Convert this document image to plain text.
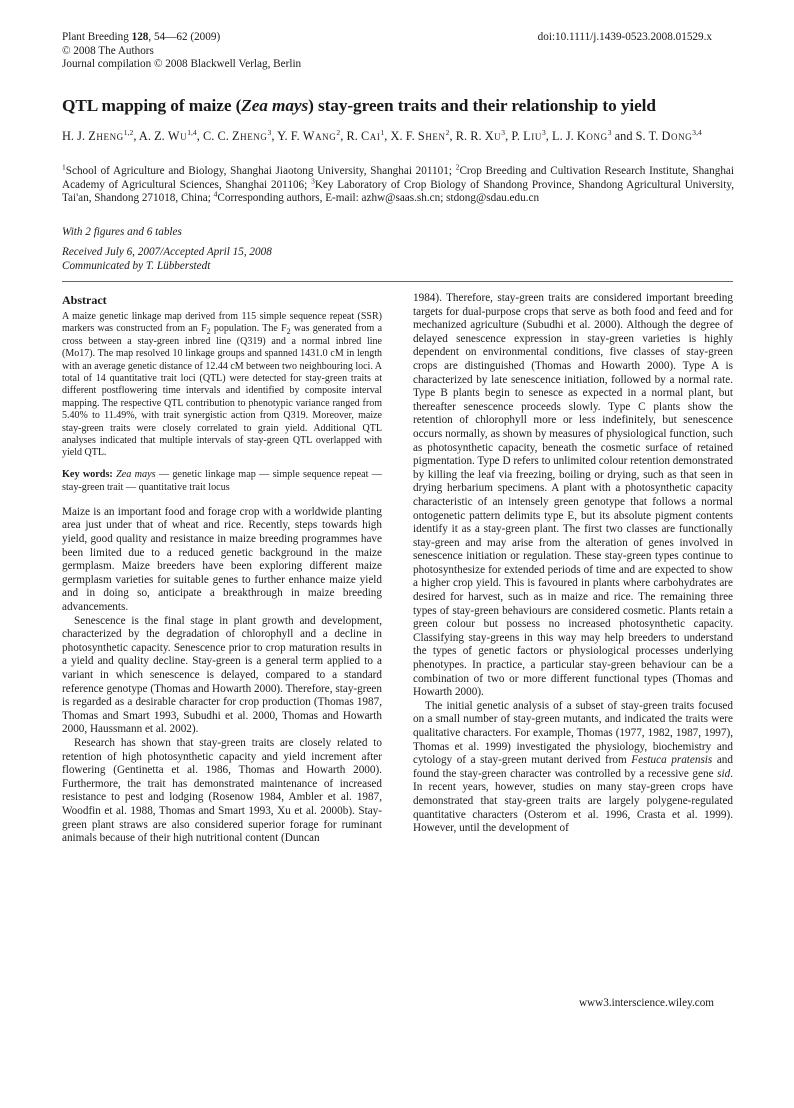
Plant Breeding 128, 54—62 (2009)
© 2008 The Authors
Journal compilation © 2008 Blackwell Verlag, Berlin
doi:10.1111/j.1439-0523.2008.01529.x
QTL mapping of maize (Zea mays) stay-green traits and their relationship to yield
H. J. Zheng$^{1,2}$, A. Z. Wu$^{1,4}$, C. C. Zheng$^3$, Y. F. Wang$^2$, R. Cai$^1$, X. F. Shen$^2$, R. R. Xu$^3$, P. Liu$^3$, L. J. Kong$^3$ and S. T. Dong$^{3,4}$
$^1$School of Agriculture and Biology, Shanghai Jiaotong University, Shanghai 201101; $^2$Crop Breeding and Cultivation Research Institute, Shanghai Academy of Agricultural Sciences, Shanghai 201106; $^3$Key Laboratory of Crop Biology of Shandong Province, Shandong Agricultural University, Tai'an, Shandong 271018, China; $^4$Corresponding authors, E-mail: azhw@saas.sh.cn; stdong@sdau.edu.cn
With 2 figures and 6 tables
Received July 6, 2007/Accepted April 15, 2008
Communicated by T. Lübberstedt
Abstract

A maize genetic linkage map derived from 115 simple sequence repeat (SSR) markers was constructed from an $F_2$ population. The $F_2$ was generated from a cross between a stay-green inbred line (Q319) and a normal inbred line (Mo17). The map resolved 10 linkage groups and spanned 1431.0 cM in length with an average genetic distance of 12.44 cM between two neighbouring loci. A total of 14 quantitative trait loci (QTL) were detected for stay-green traits at different postflowering time intervals and identified by composite interval mapping. The respective QTL contribution to phenotypic variance ranged from 5.40% to 11.49%, with trait synergistic action from Q319. Moreover, maize stay-green traits were closely correlated to grain yield. Additional QTL analyses indicated that multiple intervals of stay-green QTL overlapped with yield QTL.

Key words: Zea mays — genetic linkage map — simple sequence repeat — stay-green trait — quantitative trait locus

Maize is an important food and forage crop with a worldwide planting area just under that of wheat and rice. Recently, steps towards high yield, good quality and resistance in maize breeding programmes have been limited due to a reduced genetic background in the maize germplasm. Maize breeders have been exploring different maize germplasm varieties for suitable genes to further enhance maize yield and in doing so, anticipate a breakthrough in maize breeding advancements.

Senescence is the final stage in plant growth and development, characterized by the degradation of chlorophyll and a decline in photosynthetic capacity. Senescence prior to crop maturation results in a yield and quality decline. Stay-green is a general term applied to a variant in which senescence is delayed, compared to a standard reference genotype (Thomas and Howarth 2000). Therefore, stay-green is regarded as a desirable character for crop production (Thomas 1987, Thomas and Smart 1993, Subudhi et al. 2000, Thomas and Howarth 2000, Haussmann et al. 2002).

Research has shown that stay-green traits are closely related to retention of high photosynthetic capacity and yield increment after flowering (Gentinetta et al. 1986, Thomas and Howarth 2000). Furthermore, the trait has demonstrated maintenance of increased resistance to pest and lodging (Rosenow 1984, Ambler et al. 1987, Woodfin et al. 1988, Thomas and Smart 1993, Xu et al. 2000b). Stay-green plant straws are also considered superior forage for ruminant animals because of their high nutritional content (Duncan

1984). Therefore, stay-green traits are considered important breeding targets for dual-purpose crops that serve as both food and feed and for mechanized agriculture (Subudhi et al. 2000). Although the degree of delayed senescence expression in stay-green varieties is highly dependent on environmental conditions, five classes of stay-green crops are distinguished (Thomas and Howarth 2000). Type A is characterized by late senescence initiation, followed by a normal rate. Type B plants begin to senesce as expected in a normal plant, but thereafter senescence proceeds slowly. Type C plants show the retention of chlorophyll more or less indefinitely, but senescence occurs normally, as shown by measures of physiological function, such as photosynthetic capacity, beneath the cosmetic surface of retained pigmentation. Type D refers to unlimited colour retention demonstrated by killing the leaf via freezing, boiling or drying, such as that seen in drying herbarium specimens. A plant with a photosynthetic capacity characteristic of an intensely green genotype that follows a normal ontogenetic pattern delimits type E, but its absolute pigment contents identify it as a stay-green plant. The first two classes are functionally stay-green and may arise from the alteration of genes involved in senescence initiation or regulation. These stay-green types continue to photosynthesize for extended periods of time and are expected to show a higher crop yield. This is favoured in plants where carbohydrates are desired for harvest, such as in maize and rice. The remaining three types of stay-green behaviours are considered cosmetic. Plants retain a green colour but possess no increased photosynthetic capacity. Classifying stay-greens in this way may help breeders to understand the types of genetic factors or physiological processes underlying phenotypes. In practice, a particular stay-green behaviour can be a combination of two or more different functional types (Thomas and Howarth 2000).

The initial genetic analysis of a subset of stay-green traits focused on a small number of stay-green mutants, and indicated the traits were qualitative characters. For example, Thomas (1977, 1982, 1987, 1997), Thomas et al. 1999) investigated the physiology, biochemistry and cytology of a stay-green mutant derived from Festuca pratensis and found the stay-green character was controlled by a recessive gene sid. In recent years, however, studies on many stay-green crops have demonstrated that stay-green traits are largely polygene-regulated quantitative characters (Osterom et al. 1996, Crasta et al. 1999). However, until the development of

www3.interscience.wiley.com
